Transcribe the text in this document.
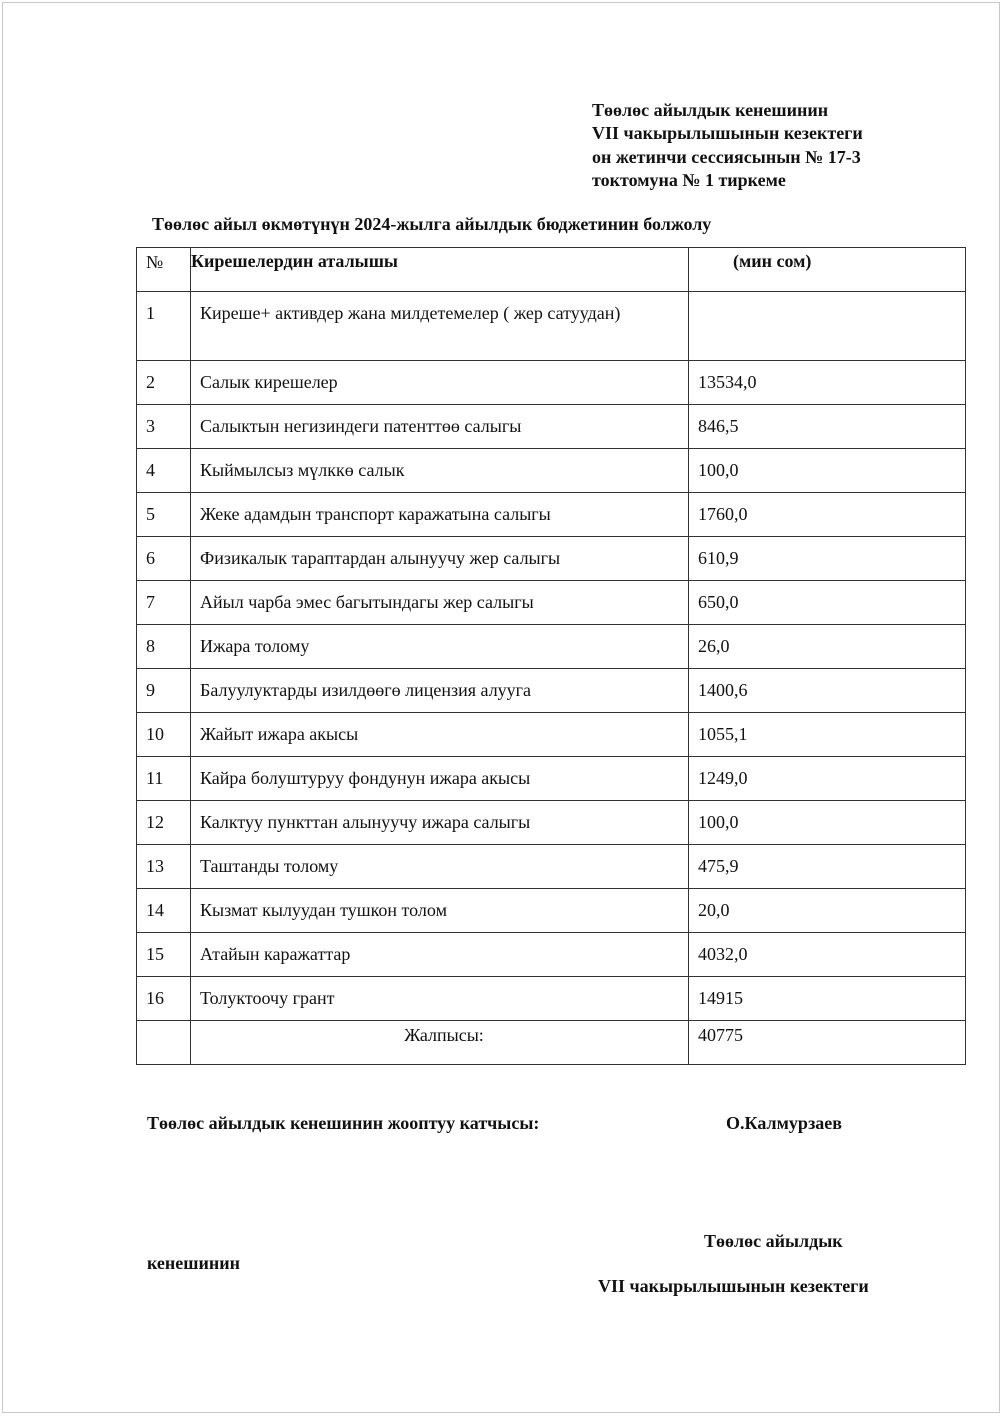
Төөлөс айылдык кенешинин
VII чакырылышынын кезектеги
он жетинчи сессиясынын № 17-3
токтомуна № 1 тиркеме
Төөлөс айыл өкмөтүнүн 2024-жылга айылдык бюджетинин болжолу
№	Кирешелердин аталышы	(мин сом)

1	Киреше+ активдер жана милдетемелер ( жер сатуудан)	

2	Салык кирешелер	13534,0

3	Салыктын негизиндеги патенттөө салыгы	846,5

4	Кыймылсыз мүлккө салык	100,0

5	Жеке адамдын транспорт каражатына салыгы	1760,0

6	Физикалык тараптардан алынуучу жер салыгы	610,9

7	Айыл чарба эмес багытындагы жер салыгы	650,0

8	Ижара толому	26,0

9	Балуулуктарды изилдөөгө лицензия алууга	1400,6

10	Жайыт ижара акысы	1055,1

11	Кайра болуштуруу фондунун ижара акысы	1249,0

12	Калктуу пункттан алынуучу ижара салыгы	100,0

13	Таштанды толому	475,9

14	Кызмат кылуудан тушкон толом	20,0

15	Атайын каражаттар	4032,0

16	Толуктоочу грант	14915

	Жалпысы:	40775
Төөлөс айылдык кенешинин жооптуу катчысы:	О.Калмурзаев
Төөлөс айылдык
кенешинин
VII чакырылышынын кезектеги
